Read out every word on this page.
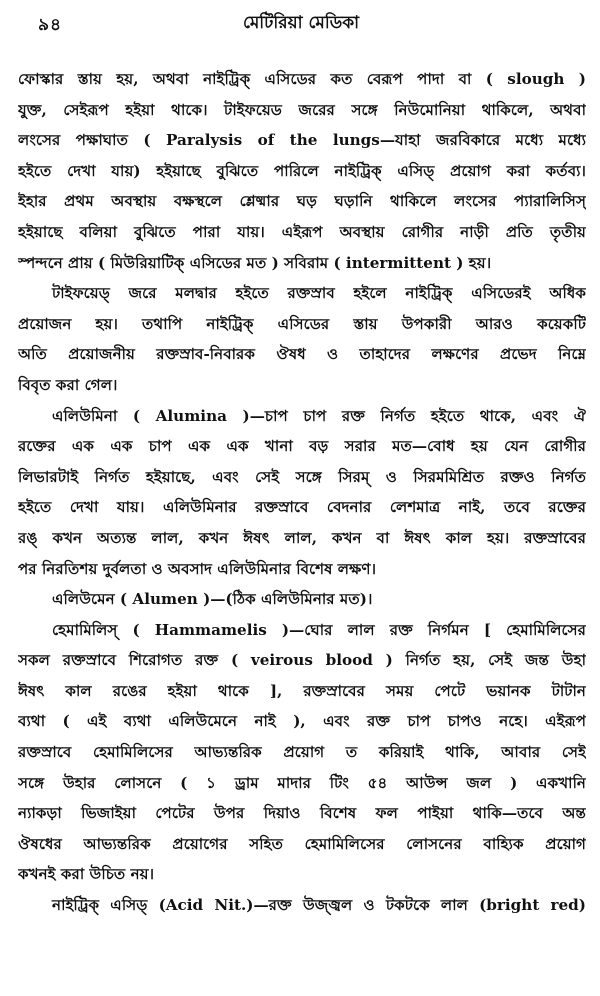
৯৪	মেটিরিয়া মেডিকা
ফোস্কার স্তায় হয়, অথবা নাইট্রিক্ এসিডের কত বেরূপ পাদা বা ( slough )
যুক্ত, সেইরূপ হইয়া থাকে। টাইফয়েড জরের সঙ্গে নিউমোনিয়া থাকিলে, অথবা
লংসের পক্ষাঘাত ( Paralysis of the lungs—যাহা জরবিকারে মধ্যে মধ্যে
হইতে দেখা যায়) হইয়াছে বুঝিতে পারিলে নাইট্রিক্ এসিড্ প্রয়োগ করা কর্তব্য।
ইহার প্রথম অবস্থায় বক্ষস্থলে শ্লেষ্মার ঘড় ঘড়ানি থাকিলে লংসের প্যারালিসিস্
হইয়াছে বলিয়া বুঝিতে পারা যায়। এইরূপ অবস্থায় রোগীর নাড়ী প্রতি তৃতীয়
স্পন্দনে প্রায় ( মিউরিয়াটিক্ এসিডের মত ) সবিরাম ( intermittent ) হয়।
টাইফয়েড্ জরে মলদ্বার হইতে রক্তস্রাব হইলে নাইট্রিক্ এসিডেরই অধিক
প্রয়োজন হয়। তথাপি নাইট্রিক্ এসিডের স্তায় উপকারী আরও কয়েকটি
অতি প্রয়োজনীয় রক্তস্রাব-নিবারক ঔষধ ও তাহাদের লক্ষণের প্রভেদ নিম্নে
বিবৃত করা গেল।
এলিউমিনা ( Alumina )—চাপ চাপ রক্ত নির্গত হইতে থাকে, এবং ঐ
রক্তের এক এক চাপ এক এক খানা বড় সরার মত—বোধ হয় যেন রোগীর
লিভারটাই নির্গত হইয়াছে, এবং সেই সঙ্গে সিরম্ ও সিরমমিশ্রিত রক্তও নির্গত
হইতে দেখা যায়। এলিউমিনার রক্তস্রাবে বেদনার লেশমাত্র নাই, তবে রক্তের
রঙ্ কখন অত্যন্ত লাল, কখন ঈষৎ লাল, কখন বা ঈষৎ কাল হয়। রক্তস্রাবের
পর নিরতিশয় দুর্বলতা ও অবসাদ এলিউমিনার বিশেষ লক্ষণ।
এলিউমেন ( Alumen )—(ঠিক এলিউমিনার মত)।
হেমামিলিস্ ( Hammamelis )—ঘোর লাল রক্ত নির্গমন [ হেমামিলিসের
সকল রক্তস্রাবে শিরোগত রক্ত ( veirous blood ) নির্গত হয়, সেই জন্ত উহা
ঈষৎ কাল রঙের হইয়া থাকে ], রক্তস্রাবের সময় পেটে ভয়ানক টাটান
ব্যথা ( এই ব্যথা এলিউমেনে নাই ), এবং রক্ত চাপ চাপও নহে। এইরূপ
রক্তস্রাবে হেমামিলিসের আভ্যন্তরিক প্রয়োগ ত করিয়াই থাকি, আবার সেই
সঙ্গে উহার লোসনে ( ১ ড্রাম মাদার টিং ৫৪ আউন্স জল ) একখানি
ন্যাকড়া ভিজাইয়া পেটের উপর দিয়াও বিশেষ ফল পাইয়া থাকি—তবে অন্ত
ঔষধের আভ্যন্তরিক প্রয়োগের সহিত হেমামিলিসের লোসনের বাহ্যিক প্রয়োগ
কখনই করা উচিত নয়।
নাইট্রিক্ এসিড্ (Acid Nit.)—রক্ত উজ্জ্বল ও টকটকে লাল (bright red)
